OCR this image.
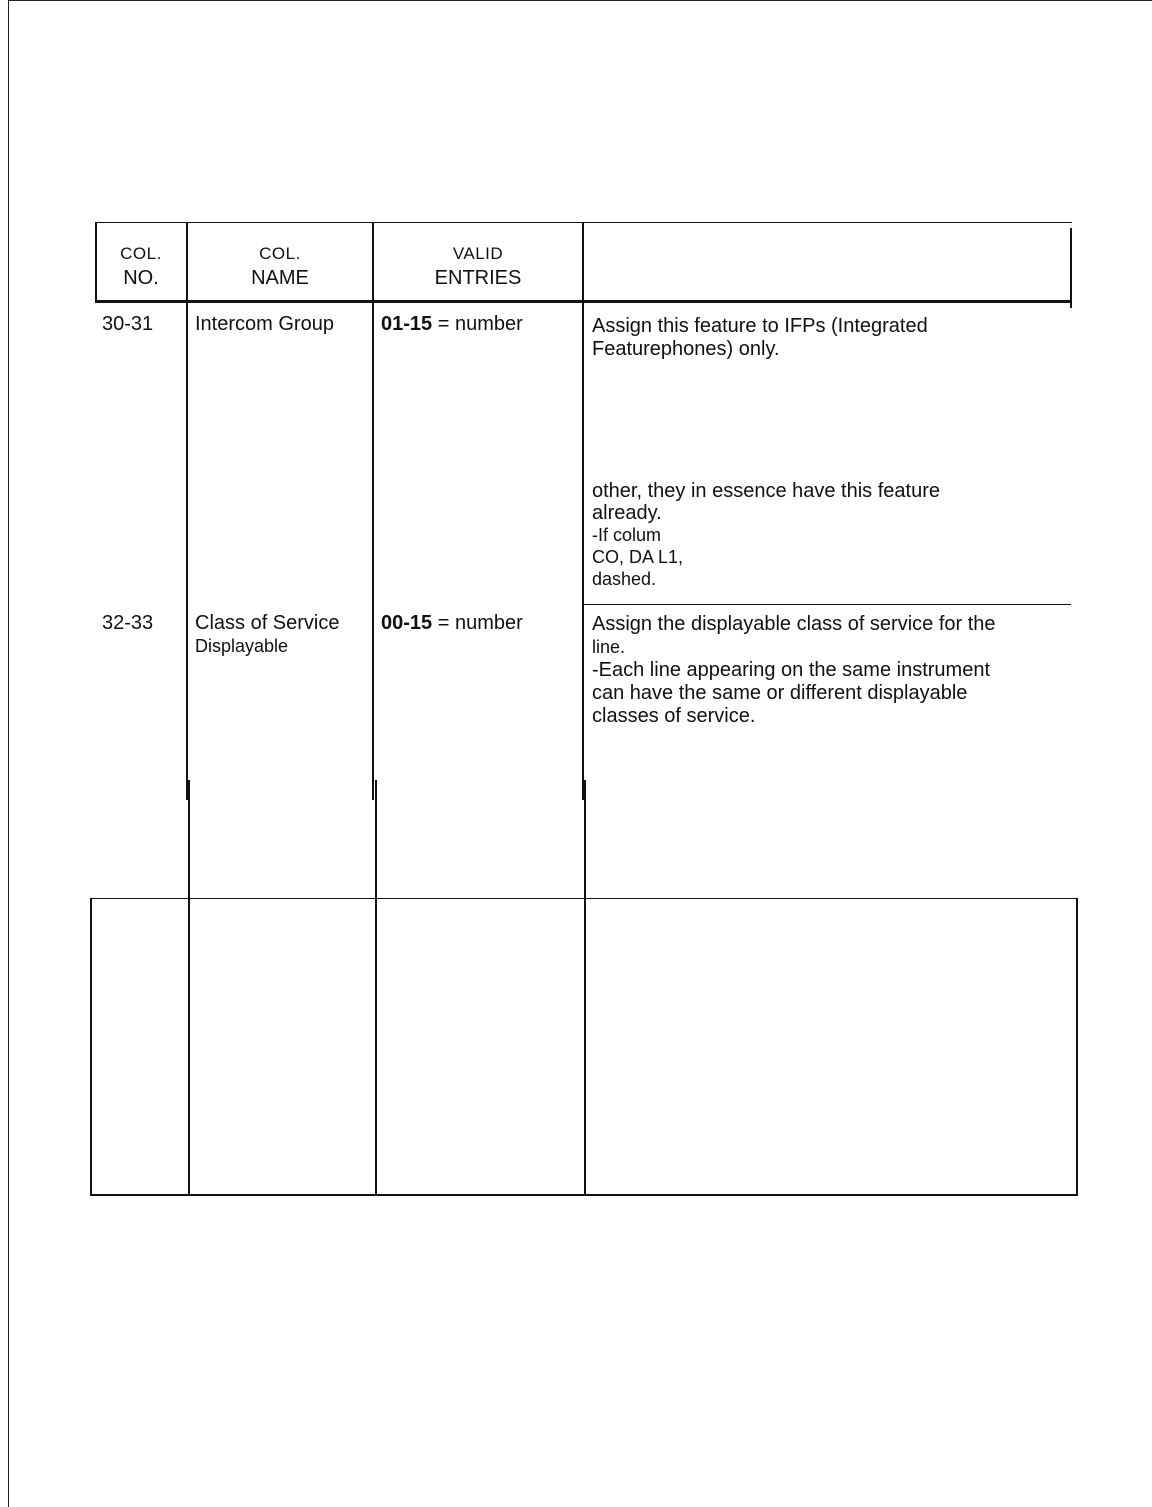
COL.
NO.
COL.
NAME
VALID
ENTRIES
30-31 Intercom Group 01-15 = number	Assign this feature to IFPs (Integrated
Featurephones) only.
other, they in essence have this feature
already.
-If colum
CO, DA L1,
dashed.
32-33 Class of Service
Displayable
00-15 = number	Assign the displayable class of service for the
line.
-Each line appearing on the same instrument
can have the same or different displayable
classes of service.
